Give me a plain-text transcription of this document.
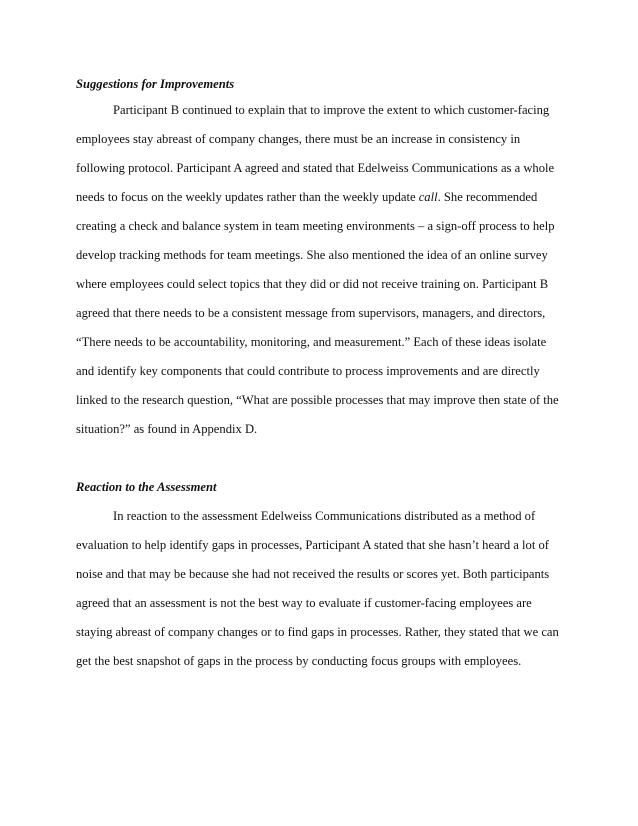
Suggestions for Improvements
Participant B continued to explain that to improve the extent to which customer-facing
employees stay abreast of company changes, there must be an increase in consistency in
following protocol. Participant A agreed and stated that Edelweiss Communications as a whole
needs to focus on the weekly updates rather than the weekly update call. She recommended
creating a check and balance system in team meeting environments – a sign-off process to help
develop tracking methods for team meetings. She also mentioned the idea of an online survey
where employees could select topics that they did or did not receive training on. Participant B
agreed that there needs to be a consistent message from supervisors, managers, and directors,
“There needs to be accountability, monitoring, and measurement.” Each of these ideas isolate
and identify key components that could contribute to process improvements and are directly
linked to the research question, “What are possible processes that may improve then state of the
situation?” as found in Appendix D.
Reaction to the Assessment
In reaction to the assessment Edelweiss Communications distributed as a method of
evaluation to help identify gaps in processes, Participant A stated that she hasn’t heard a lot of
noise and that may be because she had not received the results or scores yet. Both participants
agreed that an assessment is not the best way to evaluate if customer-facing employees are
staying abreast of company changes or to find gaps in processes. Rather, they stated that we can
get the best snapshot of gaps in the process by conducting focus groups with employees.
